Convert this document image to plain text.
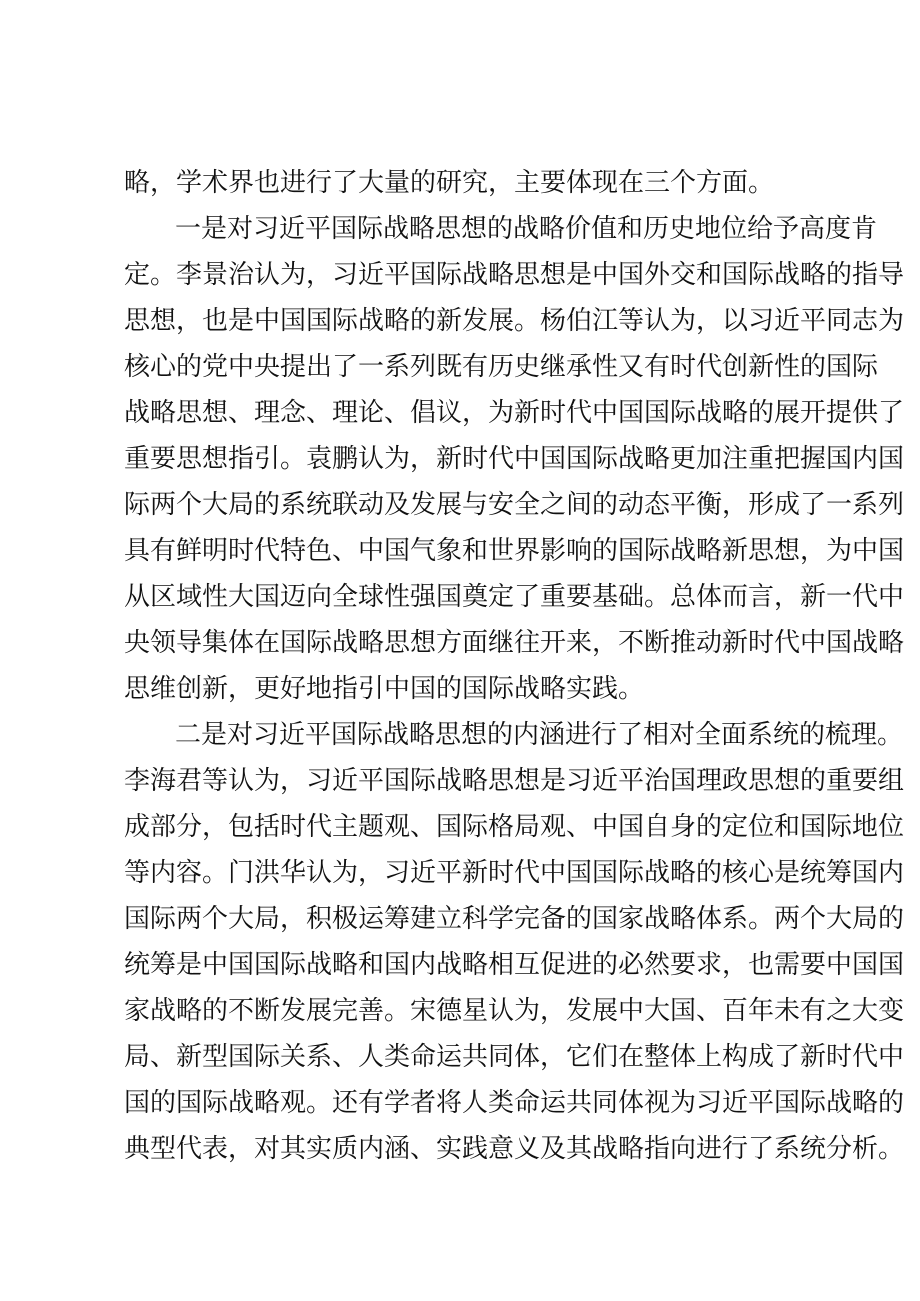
略，学术界也进行了大量的研究，主要体现在三个方面。
一是对习近平国际战略思想的战略价值和历史地位给予高度肯
定。李景治认为，习近平国际战略思想是中国外交和国际战略的指导
思想，也是中国国际战略的新发展。杨伯江等认为，以习近平同志为
核心的党中央提出了一系列既有历史继承性又有时代创新性的国际
战略思想、理念、理论、倡议，为新时代中国国际战略的展开提供了
重要思想指引。袁鹏认为，新时代中国国际战略更加注重把握国内国
际两个大局的系统联动及发展与安全之间的动态平衡，形成了一系列
具有鲜明时代特色、中国气象和世界影响的国际战略新思想，为中国
从区域性大国迈向全球性强国奠定了重要基础。总体而言，新一代中
央领导集体在国际战略思想方面继往开来，不断推动新时代中国战略
思维创新，更好地指引中国的国际战略实践。
二是对习近平国际战略思想的内涵进行了相对全面系统的梳理。
李海君等认为，习近平国际战略思想是习近平治国理政思想的重要组
成部分，包括时代主题观、国际格局观、中国自身的定位和国际地位
等内容。门洪华认为，习近平新时代中国国际战略的核心是统筹国内
国际两个大局，积极运筹建立科学完备的国家战略体系。两个大局的
统筹是中国国际战略和国内战略相互促进的必然要求，也需要中国国
家战略的不断发展完善。宋德星认为，发展中大国、百年未有之大变
局、新型国际关系、人类命运共同体，它们在整体上构成了新时代中
国的国际战略观。还有学者将人类命运共同体视为习近平国际战略的
典型代表，对其实质内涵、实践意义及其战略指向进行了系统分析。
